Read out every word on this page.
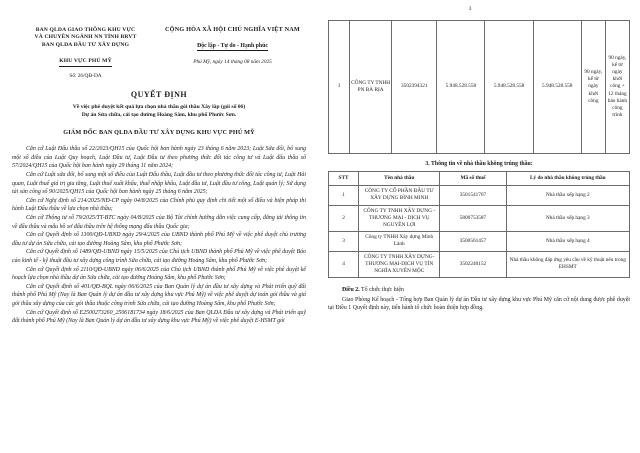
BAN QLDA GIAO THÔNG KHU VỰC
VÀ CHUYÊN NGÀNH NN TỈNH BRVT
BAN QLDA ĐẦU TƯ XÂY DỰNG
KHU VỰC PHÚ MỸ
Số: 26/QĐ-DA
CỘNG HÒA XÃ HỘI CHỦ NGHĨA VIỆT NAM
Độc lập - Tự do - Hạnh phúc
Phú Mỹ, ngày 14 tháng 08 năm 2025
QUYẾT ĐỊNH
Về việc phê duyệt kết quả lựa chọn nhà thầu gói thầu Xây lắp (gói số 06)
Dự án Sửa chữa, cải tạo đường Hoàng Sâm, khu phố Phước Sơn.
GIÁM ĐỐC BAN QLDA ĐẦU TƯ XÂY DỰNG KHU VỰC PHÚ MỸ

Căn cứ Luật Đấu thầu số 22/2023/QH15 của Quốc hội ban hành ngày 23 tháng 6 năm 2023; Luật Sửa đổi, bổ sung một số điều của Luật Quy hoạch, Luật Đầu tư, Luật Đầu tư theo phương thức đối tác công tư và Luật đấu thầu số 57/2024/QH15 của Quốc hội ban hành ngày 29 tháng 11 năm 2024;

Căn cứ Luật sửa đổi, bổ sung một số điều của Luật Đấu thầu, Luật đầu tư theo phương thức đối tác công tư, Luật Hải quan, Luật thuế giá trị gia tăng, Luật thuế xuất khẩu, thuế nhập khẩu, Luật đầu tư, Luật đầu tư công, Luật quản lý; Sử dụng tài sản công số 90/2025/QH15 của Quốc hội ban hành ngày 25 tháng 6 năm 2025;

Căn cứ Nghị định số 214/2025/NĐ-CP ngày 04/8/2025 của Chính phủ quy định chi tiết một số điều và biện pháp thi hành Luật Đấu thầu về lựa chọn nhà thầu;

Căn cứ Thông tư số 79/2025/TT-BTC ngày 04/8/2025 của Bộ Tài chính hướng dẫn việc cung cấp, đăng tải thông tin về đấu thầu và mẫu hồ sơ đấu thầu trên hệ thống mạng đấu thầu Quốc gia;

Căn cứ Quyết định số 1300/QĐ-UBND ngày 29/4/2025 của UBND thành phố Phú Mỹ về việc phê duyệt chủ trương đầu tư dự án Sửa chữa, cải tạo đường Hoàng Sâm, khu phố Phước Sơn;

Căn cứ Quyết định số 1489/QĐ-UBND ngày 15/5/2025 của Chủ tịch UBND thành phố Phú Mỹ về việc phê duyệt Báo cáo kinh tế - kỹ thuật đầu tư xây dựng công trình Sửa chữa, cải tạo đường Hoàng Sâm, khu phố Phước Sơn;

Căn cứ Quyết định số 2110/QĐ-UBND ngày 06/6/2025 của Chủ tịch UBND thành phố Phú Mỹ về việc phê duyệt kế hoạch lựa chọn nhà thầu dự án Sửa chữa, cải tạo đường Hoàng Sâm, khu phố Phước Sơn;

Căn cứ Quyết định số 401/QĐ-BQL ngày 06/6/2025 của Ban Quản lý dự án đầu tư xây dựng và Phát triển quỹ đất thành phố Phú Mỹ (Nay là Ban Quản lý dự án đầu tư xây dựng khu vực Phú Mỹ) về việc phê duyệt dự toán gói thầu và giá gói thầu xây dựng của các gói thầu thuộc công trình Sửa chữa, cải tạo đường Hoàng Sâm, khu phố Phước Sơn;

Căn cứ Quyết định số E2500273260_2506181734 ngày 18/6/2025 của Ban QLDA Đầu tư xây dựng và Phát triển quỹ đất thành phố Phú Mỹ (Nay là Ban Quản lý dự án đầu tư xây dựng khu vực Phú Mỹ) về việc phê duyệt E-HSMT gói

3
1	CÔNG TY TNHH PN BÀ RỊA	3502394321	5.948.528.558	5.948.528.558	5.948.528.558	90 ngày, kể từ ngày khởi công	90 ngày, kể từ ngày khởi công + 12 tháng bảo hành công trình
3. Thông tin về nhà thầu không trúng thầu:
STT	Tên nhà thầu	Mã số thuế	Lý do nhà thầu không trúng thầu
1	CÔNG TY CỔ PHẦN ĐẦU TƯ XÂY DỰNG BÌNH MINH	3501541767	Nhà thầu xếp hạng 2
2	CÔNG TY TNHH XÂY DỰNG - THƯƠNG MẠI - DỊCH VỤ NGUYÊN LỢI	5800753587	Nhà thầu xếp hạng 3
3	Công ty TNHH Xây dựng Minh Lành	3500561457	Nhà thầu xếp hạng 4
4	CÔNG TY TNHH XÂY DỰNG- THƯƠNG MẠI-DỊCH VỤ TÍN NGHĨA XUYÊN MỘC	3502240152	Nhà thầu không đáp ứng yêu cầu về kỹ thuật nêu trong EHSMT

Điều 2. Tổ chức thực hiện

Giao Phòng Kế hoạch - Tổng hợp Ban Quản lý dự án Đầu tư xây dựng khu vực Phú Mỹ căn cứ nội dung được phê duyệt tại Điều 1 Quyết định này, tiến hành tổ chức hoàn thiện hợp đồng.
